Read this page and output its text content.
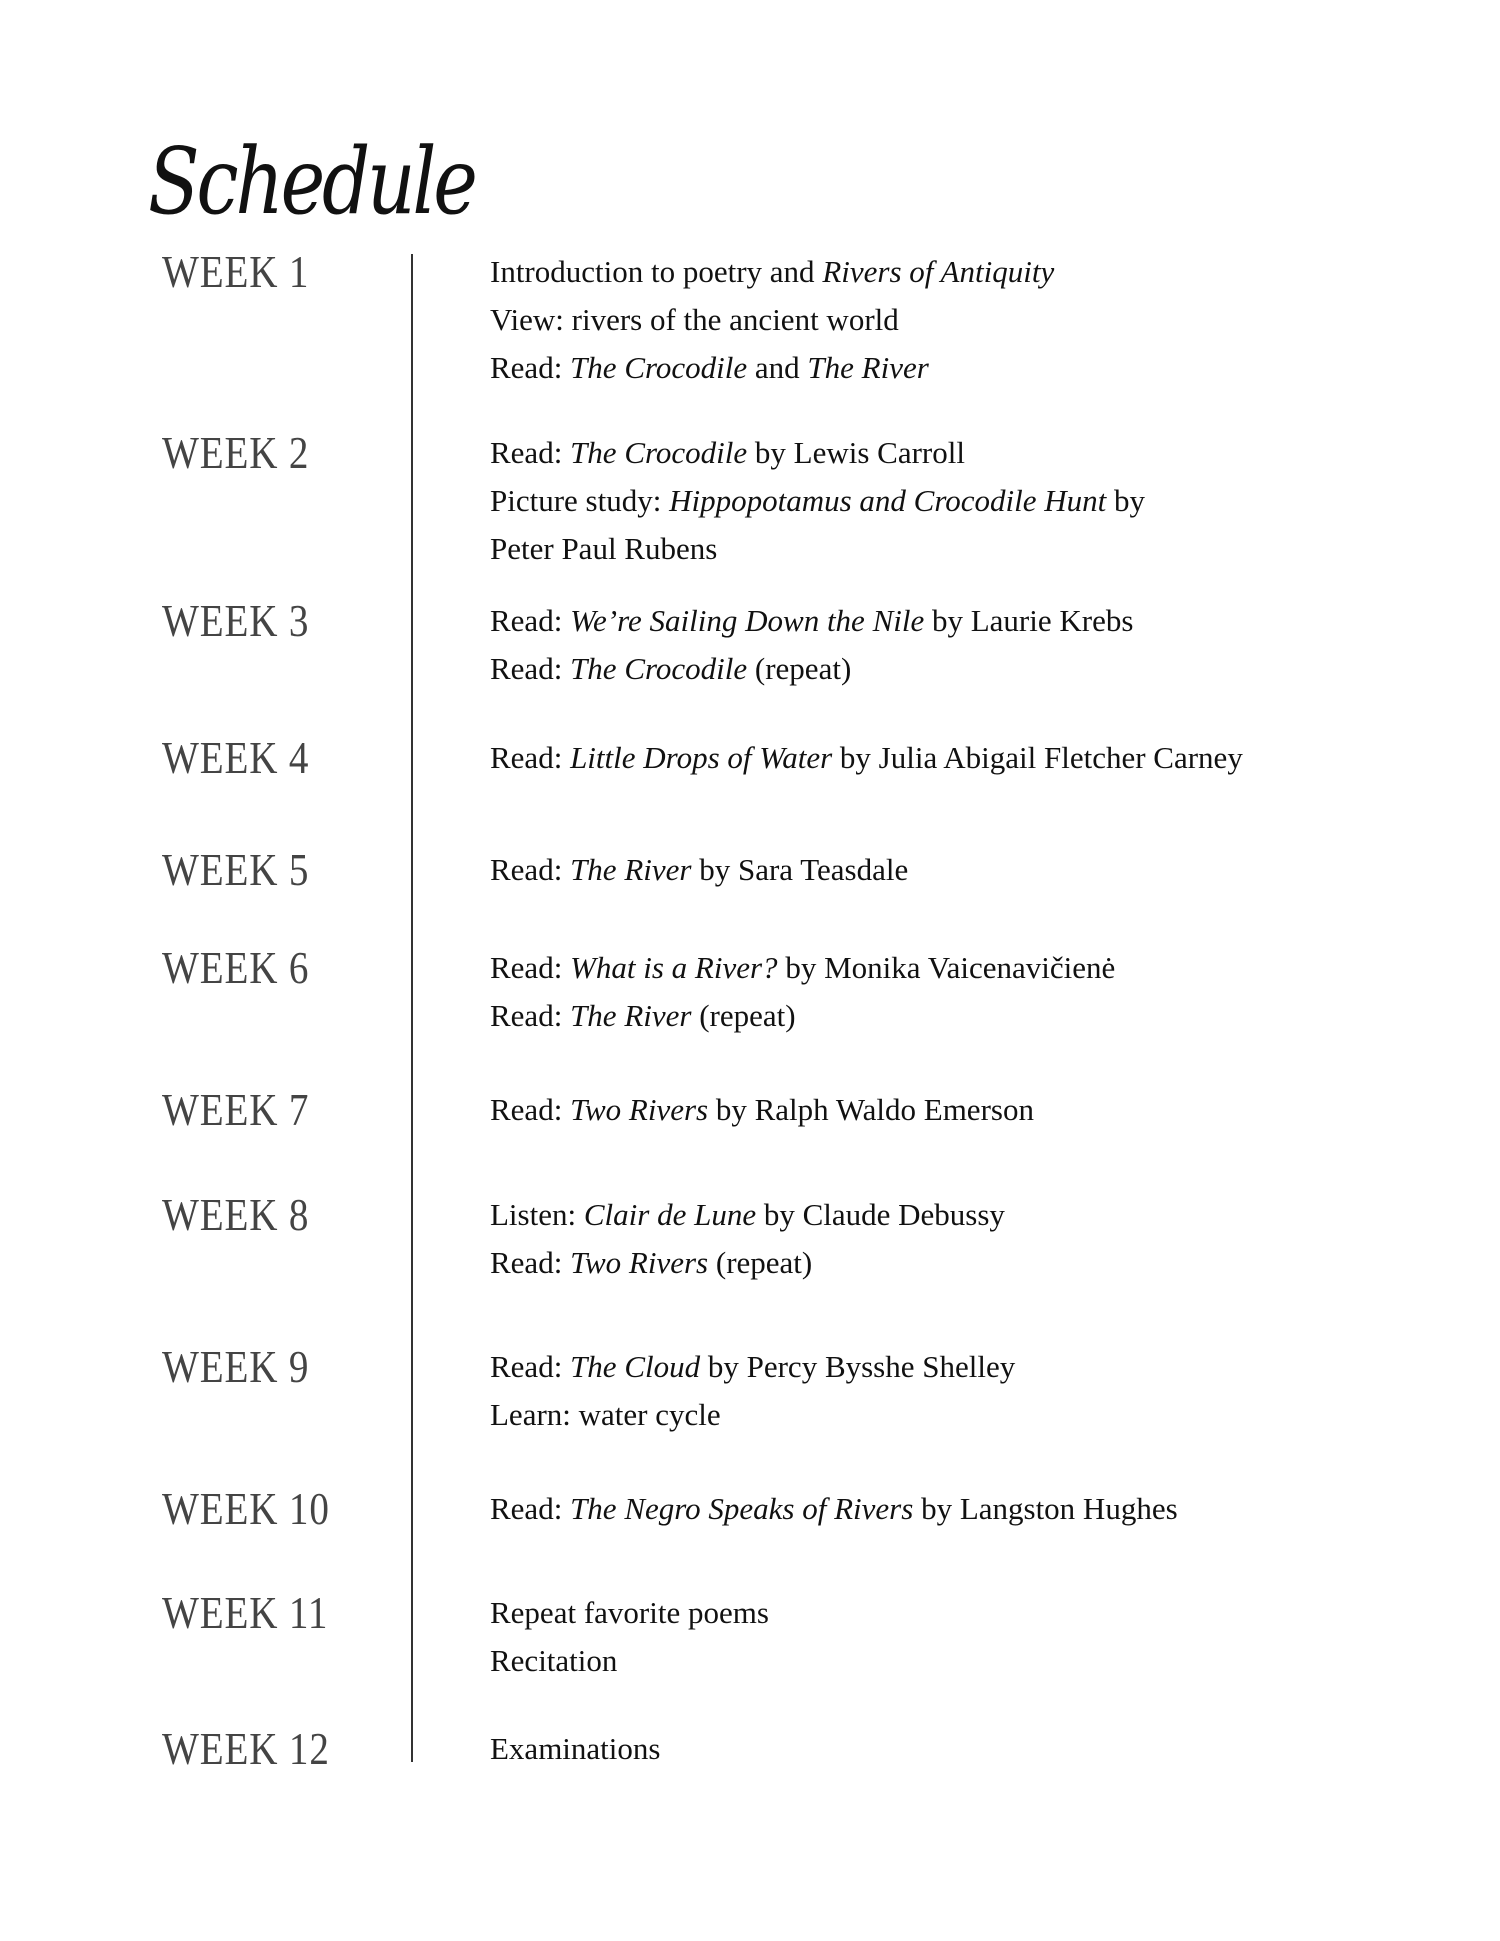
Schedule
WEEK 1	Introduction to poetry and Rivers of Antiquity
View: rivers of the ancient world
Read: The Crocodile and The River
WEEK 2	Read: The Crocodile by Lewis Carroll
Picture study: Hippopotamus and Crocodile Hunt by
Peter Paul Rubens
WEEK 3	Read: We’re Sailing Down the Nile by Laurie Krebs
Read: The Crocodile (repeat)
WEEK 4	Read: Little Drops of Water by Julia Abigail Fletcher Carney
WEEK 5	Read: The River by Sara Teasdale
WEEK 6	Read: What is a River? by Monika Vaicenavičienė
Read: The River (repeat)
WEEK 7	Read: Two Rivers by Ralph Waldo Emerson
WEEK 8	Listen: Clair de Lune by Claude Debussy
Read: Two Rivers (repeat)
WEEK 9	Read: The Cloud by Percy Bysshe Shelley
Learn: water cycle
WEEK 10	Read: The Negro Speaks of Rivers by Langston Hughes
WEEK 11	Repeat favorite poems
Recitation
WEEK 12	Examinations
